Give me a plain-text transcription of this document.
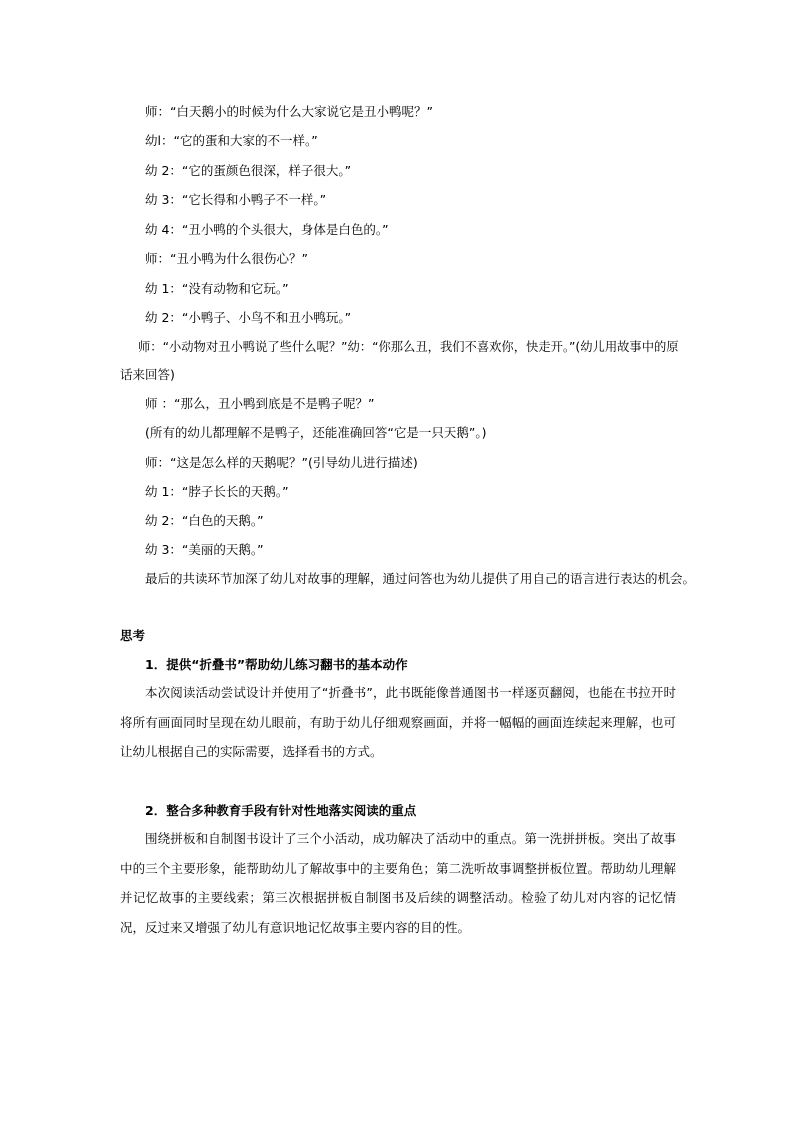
师：“白天鹅小的时候为什么大家说它是丑小鸭呢？”
幼l：“它的蛋和大家的不一样。”
幼 2：“它的蛋颜色很深，样子很大。”
幼 3：“它长得和小鸭子不一样。”
幼 4：“丑小鸭的个头很大，身体是白色的。”
师：“丑小鸭为什么很伤心？”
幼 1：“没有动物和它玩。”
幼 2：“小鸭子、小鸟不和丑小鸭玩。”
师：“小动物对丑小鸭说了些什么呢？”幼：“你那么丑，我们不喜欢你，快走开。”(幼儿用故事中的原
话来回答)
师 ：“那么，丑小鸭到底是不是鸭子呢？”
(所有的幼儿都理解不是鸭子，还能准确回答“它是一只天鹅”。)
师：“这是怎么样的天鹅呢？”(引导幼儿进行描述)
幼 1：“脖子长长的天鹅。”
幼 2：“白色的天鹅。”
幼 3：“美丽的天鹅。”
最后的共读环节加深了幼儿对故事的理解，通过问答也为幼儿提供了用自己的语言进行表达的机会。
思考
1．提供“折叠书”帮助幼儿练习翻书的基本动作

本次阅读活动尝试设计并使用了“折叠书”，此书既能像普通图书一样逐页翻阅，也能在书拉开时将所有画面同时呈现在幼儿眼前，有助于幼儿仔细观察画面，并将一幅幅的画面连续起来理解，也可让幼儿根据自己的实际需要，选择看书的方式。

2．整合多种教育手段有针对性地落实阅读的重点

围绕拼板和自制图书设计了三个小活动，成功解决了活动中的重点。第一洗拼拼板。突出了故事中的三个主要形象，能帮助幼儿了解故事中的主要角色；第二洗听故事调整拼板位置。帮助幼儿理解并记忆故事的主要线索；第三次根据拼板自制图书及后续的调整活动。检验了幼儿对内容的记忆情况，反过来又增强了幼儿有意识地记忆故事主要内容的目的性。
